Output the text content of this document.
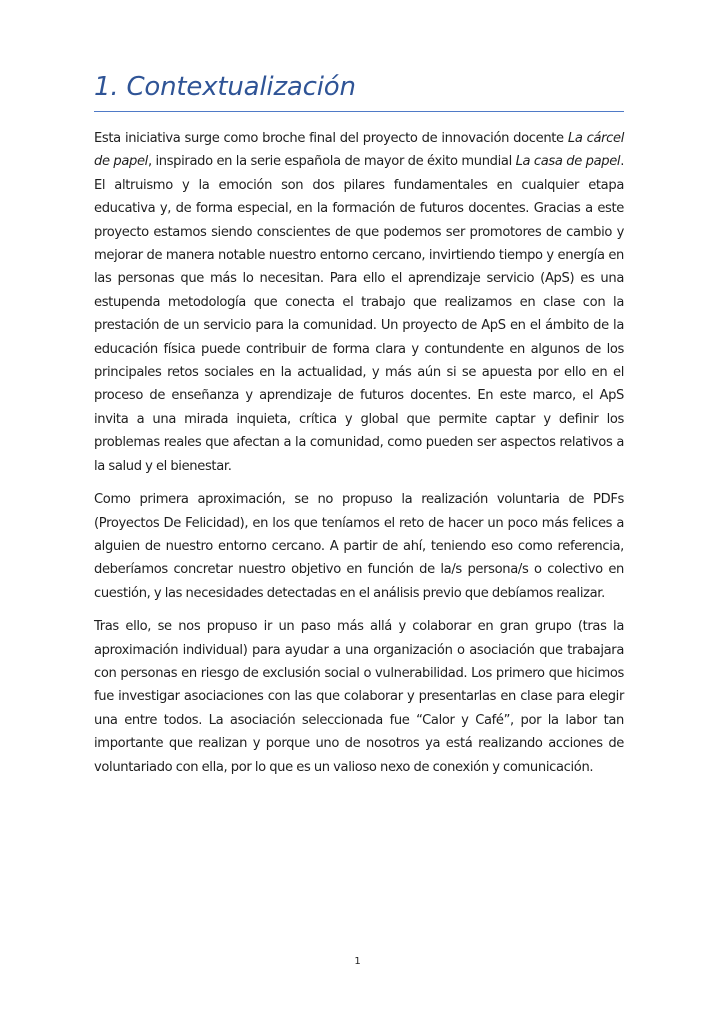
1. Contextualización

Esta iniciativa surge como broche final del proyecto de innovación docente La cárcel de papel, inspirado en la serie española de mayor de éxito mundial La casa de papel. El altruismo y la emoción son dos pilares fundamentales en cualquier etapa educativa y, de forma especial, en la formación de futuros docentes. Gracias a este proyecto estamos siendo conscientes de que podemos ser promotores de cambio y mejorar de manera notable nuestro entorno cercano, invirtiendo tiempo y energía en las personas que más lo necesitan. Para ello el aprendizaje servicio (ApS) es una estupenda metodología que conecta el trabajo que realizamos en clase con la prestación de un servicio para la comunidad. Un proyecto de ApS en el ámbito de la educación física puede contribuir de forma clara y contundente en algunos de los principales retos sociales en la actualidad, y más aún si se apuesta por ello en el proceso de enseñanza y aprendizaje de futuros docentes. En este marco, el ApS invita a una mirada inquieta, crítica y global que permite captar y definir los problemas reales que afectan a la comunidad, como pueden ser aspectos relativos a la salud y el bienestar.

Como primera aproximación, se no propuso la realización voluntaria de PDFs (Proyectos De Felicidad), en los que teníamos el reto de hacer un poco más felices a alguien de nuestro entorno cercano. A partir de ahí, teniendo eso como referencia, deberíamos concretar nuestro objetivo en función de la/s persona/s o colectivo en cuestión, y las necesidades detectadas en el análisis previo que debíamos realizar.

Tras ello, se nos propuso ir un paso más allá y colaborar en gran grupo (tras la aproximación individual) para ayudar a una organización o asociación que trabajara con personas en riesgo de exclusión social o vulnerabilidad. Los primero que hicimos fue investigar asociaciones con las que colaborar y presentarlas en clase para elegir una entre todos. La asociación seleccionada fue “Calor y Café”, por la labor tan importante que realizan y porque uno de nosotros ya está realizando acciones de voluntariado con ella, por lo que es un valioso nexo de conexión y comunicación.

1
